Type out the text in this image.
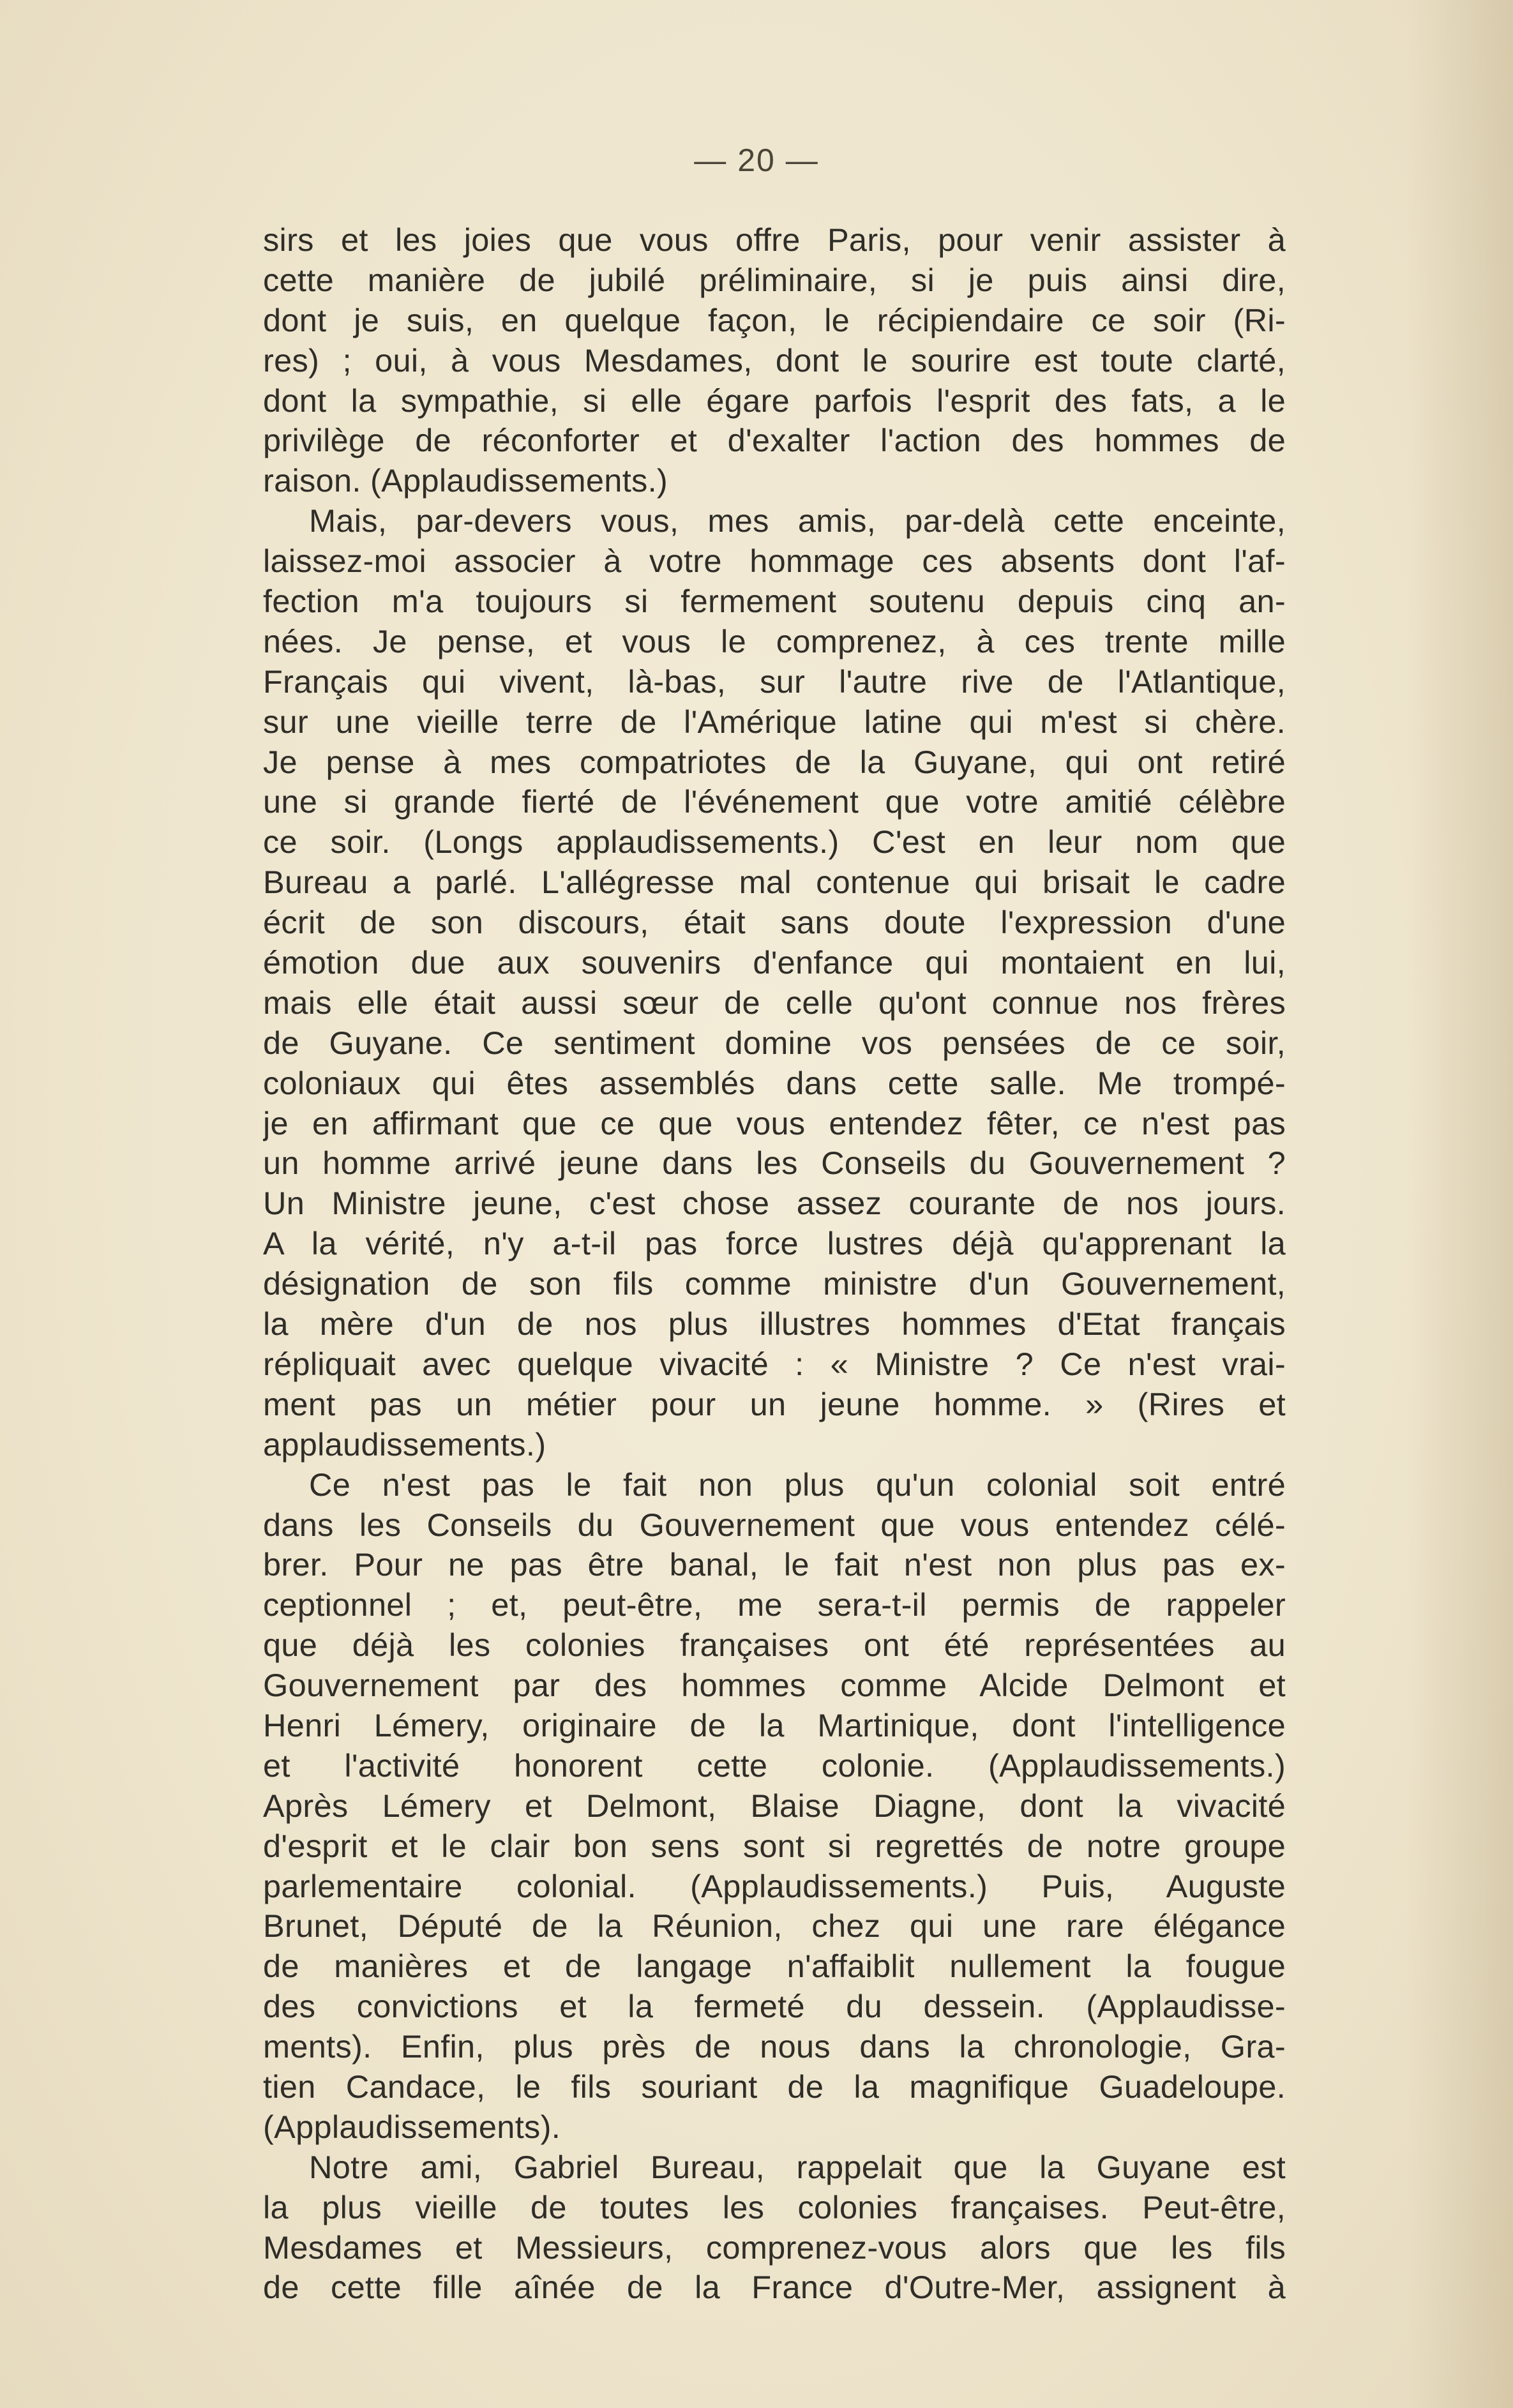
— 20 —
sirs et les joies que vous offre Paris, pour venir assister à
cette manière de jubilé préliminaire, si je puis ainsi dire,
dont je suis, en quelque façon, le récipiendaire ce soir (Ri-
res) ; oui, à vous Mesdames, dont le sourire est toute clarté,
dont la sympathie, si elle égare parfois l'esprit des fats, a le
privilège de réconforter et d'exalter l'action des hommes de
raison. (Applaudissements.)
Mais, par-devers vous, mes amis, par-delà cette enceinte,
laissez-moi associer à votre hommage ces absents dont l'af-
fection m'a toujours si fermement soutenu depuis cinq an-
nées. Je pense, et vous le comprenez, à ces trente mille
Français qui vivent, là-bas, sur l'autre rive de l'Atlantique,
sur une vieille terre de l'Amérique latine qui m'est si chère.
Je pense à mes compatriotes de la Guyane, qui ont retiré
une si grande fierté de l'événement que votre amitié célèbre
ce soir. (Longs applaudissements.) C'est en leur nom que
Bureau a parlé. L'allégresse mal contenue qui brisait le cadre
écrit de son discours, était sans doute l'expression d'une
émotion due aux souvenirs d'enfance qui montaient en lui,
mais elle était aussi sœur de celle qu'ont connue nos frères
de Guyane. Ce sentiment domine vos pensées de ce soir,
coloniaux qui êtes assemblés dans cette salle. Me trompé-
je en affirmant que ce que vous entendez fêter, ce n'est pas
un homme arrivé jeune dans les Conseils du Gouvernement ?
Un Ministre jeune, c'est chose assez courante de nos jours.
A la vérité, n'y a-t-il pas force lustres déjà qu'apprenant la
désignation de son fils comme ministre d'un Gouvernement,
la mère d'un de nos plus illustres hommes d'Etat français
répliquait avec quelque vivacité : « Ministre ? Ce n'est vrai-
ment pas un métier pour un jeune homme. » (Rires et
applaudissements.)
Ce n'est pas le fait non plus qu'un colonial soit entré
dans les Conseils du Gouvernement que vous entendez célé-
brer. Pour ne pas être banal, le fait n'est non plus pas ex-
ceptionnel ; et, peut-être, me sera-t-il permis de rappeler
que déjà les colonies françaises ont été représentées au
Gouvernement par des hommes comme Alcide Delmont et
Henri Lémery, originaire de la Martinique, dont l'intelligence
et l'activité honorent cette colonie. (Applaudissements.)
Après Lémery et Delmont, Blaise Diagne, dont la vivacité
d'esprit et le clair bon sens sont si regrettés de notre groupe
parlementaire colonial. (Applaudissements.) Puis, Auguste
Brunet, Député de la Réunion, chez qui une rare élégance
de manières et de langage n'affaiblit nullement la fougue
des convictions et la fermeté du dessein. (Applaudisse-
ments). Enfin, plus près de nous dans la chronologie, Gra-
tien Candace, le fils souriant de la magnifique Guadeloupe.
(Applaudissements).
Notre ami, Gabriel Bureau, rappelait que la Guyane est
la plus vieille de toutes les colonies françaises. Peut-être,
Mesdames et Messieurs, comprenez-vous alors que les fils
de cette fille aînée de la France d'Outre-Mer, assignent à
